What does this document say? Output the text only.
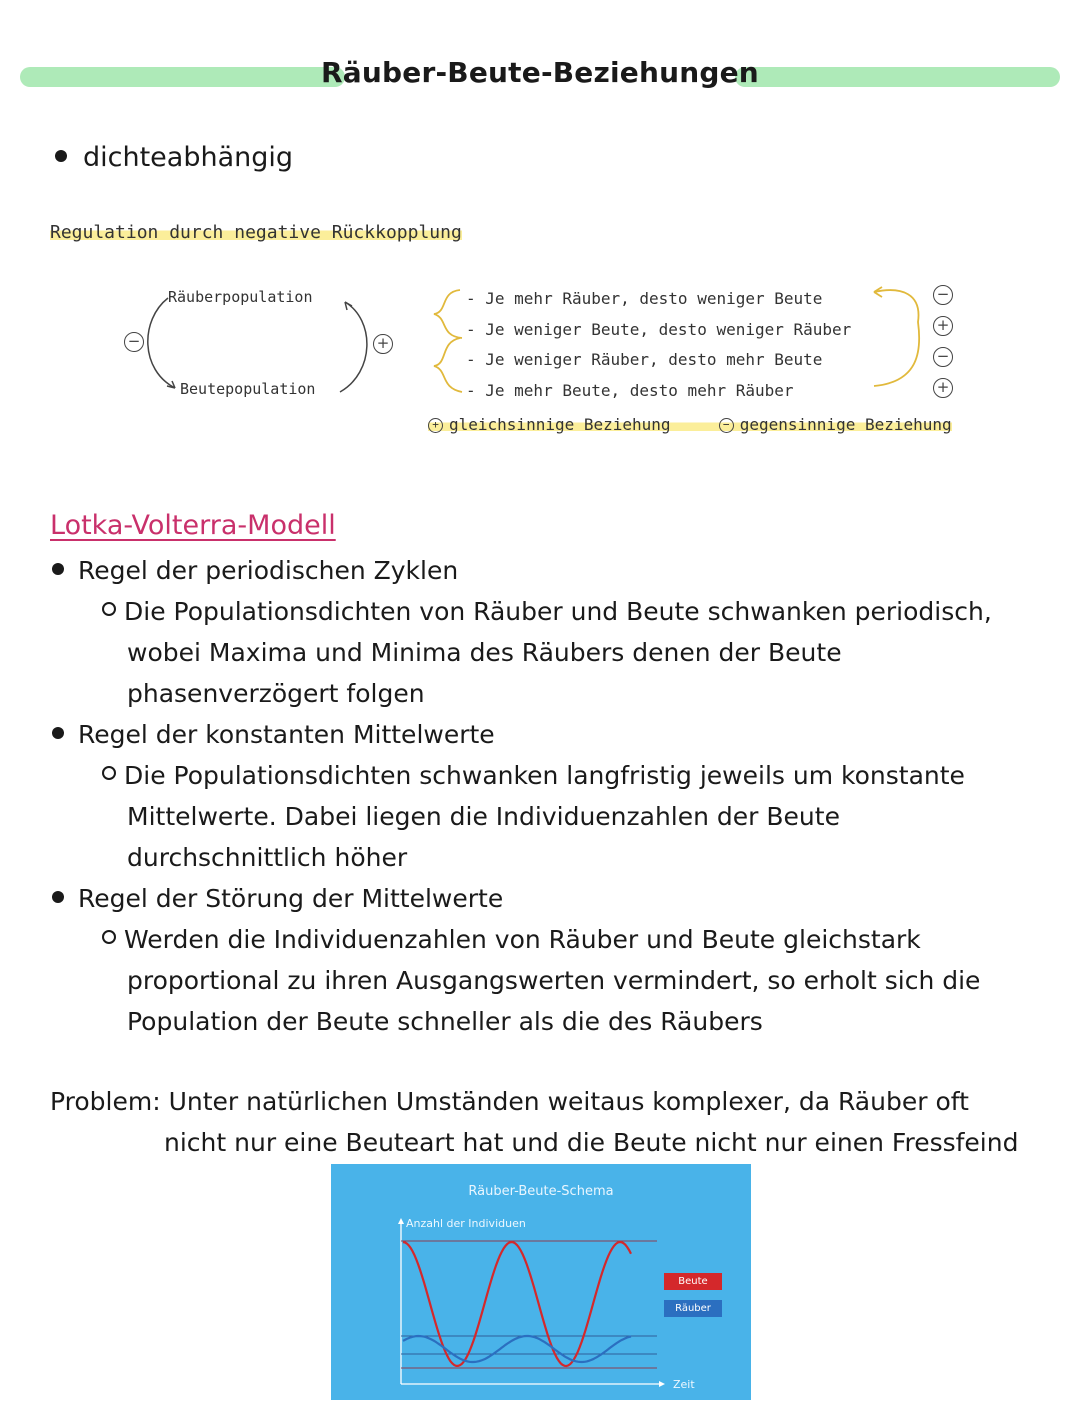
Räuber-Beute-Beziehungen
dichteabhängig
Regulation durch negative Rückkopplung
Räuberpopulation
Beutepopulation
−	+
- Je mehr Räuber, desto weniger Beute
- Je weniger Beute, desto weniger Räuber
- Je weniger Räuber, desto mehr Beute
- Je mehr Beute, desto mehr Räuber
−
+
−
+
+ gleichsinnige Beziehung	− gegensinnige Beziehung
Lotka-Volterra-Modell
Regel der periodischen Zyklen
Die Populationsdichten von Räuber und Beute schwanken periodisch,
wobei Maxima und Minima des Räubers denen der Beute
phasenverzögert folgen
Regel der konstanten Mittelwerte
Die Populationsdichten schwanken langfristig jeweils um konstante
Mittelwerte. Dabei liegen die Individuenzahlen der Beute
durchschnittlich höher
Regel der Störung der Mittelwerte
Werden die Individuenzahlen von Räuber und Beute gleichstark
proportional zu ihren Ausgangswerten vermindert, so erholt sich die
Population der Beute schneller als die des Räubers
Problem: Unter natürlichen Umständen weitaus komplexer, da Räuber oft
nicht nur eine Beuteart hat und die Beute nicht nur einen Fressfeind
Räuber-Beute-Schema
Anzahl der Individuen
Zeit
Beute
Räuber
